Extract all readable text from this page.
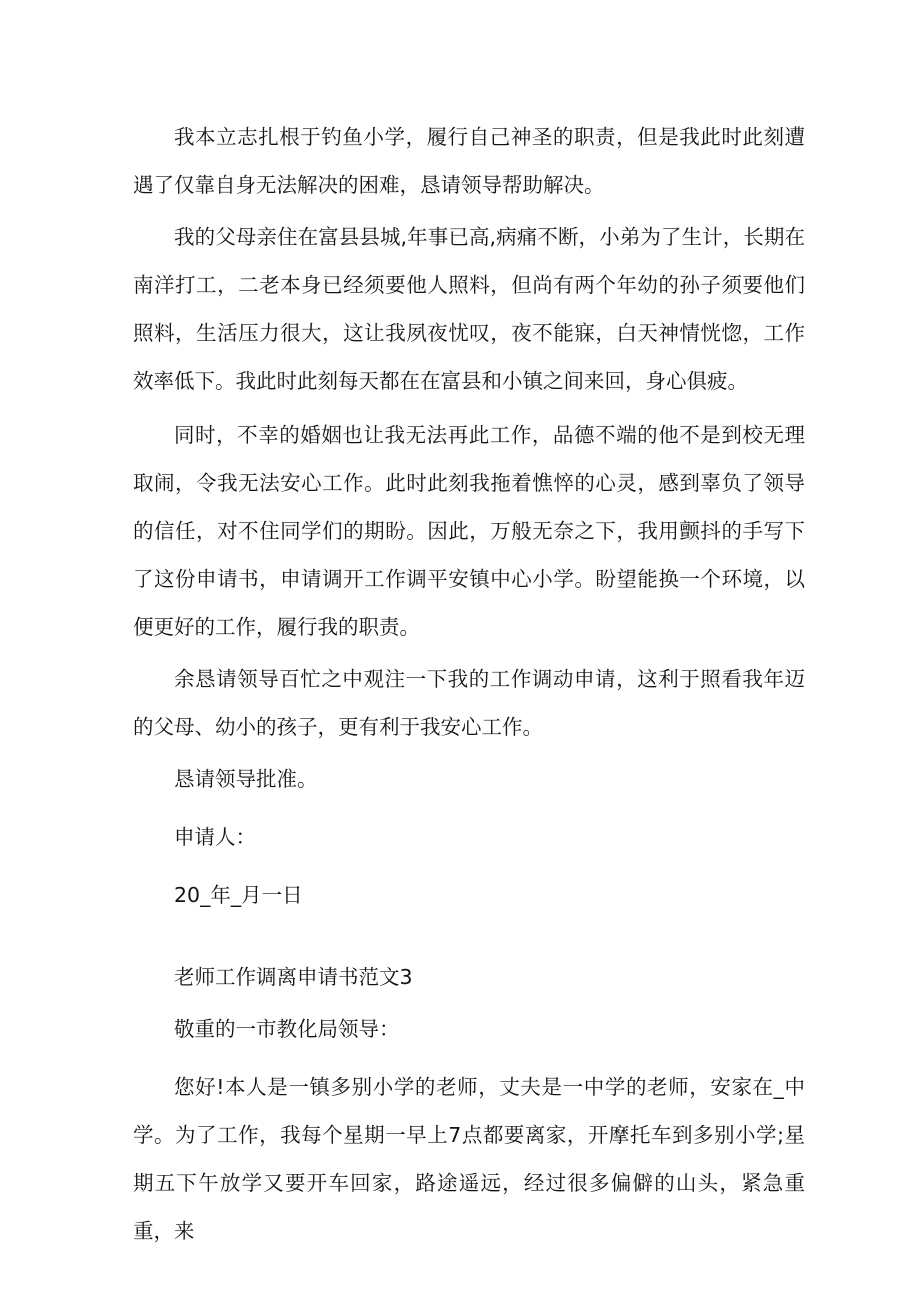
我本立志扎根于钓鱼小学，履行自己神圣的职责，但是我此时此刻遭遇了仅靠自身无法解决的困难，恳请领导帮助解决。

我的父母亲住在富县县城,年事已高,病痛不断，小弟为了生计，长期在南洋打工，二老本身已经须要他人照料，但尚有两个年幼的孙子须要他们照料，生活压力很大，这让我夙夜忧叹，夜不能寐，白天神情恍惚，工作效率低下。我此时此刻每天都在在富县和小镇之间来回，身心俱疲。

同时，不幸的婚姻也让我无法再此工作，品德不端的他不是到校无理取闹，令我无法安心工作。此时此刻我拖着憔悴的心灵，感到辜负了领导的信任，对不住同学们的期盼。因此，万般无奈之下，我用颤抖的手写下了这份申请书，申请调开工作调平安镇中心小学。盼望能换一个环境，以便更好的工作，履行我的职责。

余恳请领导百忙之中观注一下我的工作调动申请，这利于照看我年迈的父母、幼小的孩子，更有利于我安心工作。

恳请领导批准。
申请人：
20_年_月一日
老师工作调离申请书范文3
敬重的一市教化局领导：

您好!本人是一镇多别小学的老师，丈夫是一中学的老师，安家在_中学。为了工作，我每个星期一早上7点都要离家，开摩托车到多别小学;星期五下午放学又要开车回家，路途遥远，经过很多偏僻的山头，紧急重重，来
